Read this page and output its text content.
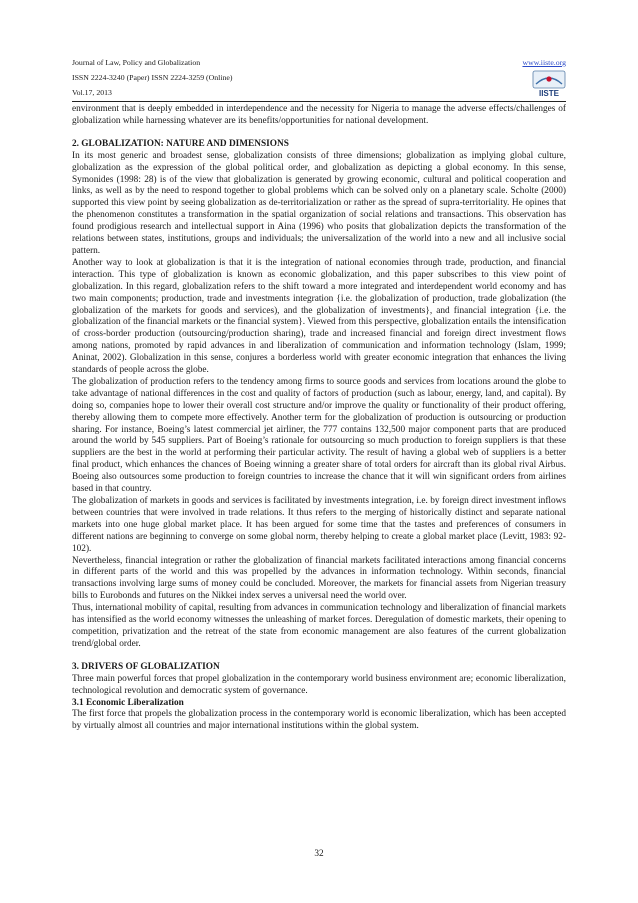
Journal of Law, Policy and Globalization	www.iiste.org
ISSN 2224-3240 (Paper) ISSN 2224-3259 (Online)
Vol.17, 2013	IISTE

environment that is deeply embedded in interdependence and the necessity for Nigeria to manage the adverse effects/challenges of globalization while harnessing whatever are its benefits/opportunities for national development.

2. GLOBALIZATION: NATURE AND DIMENSIONS

In its most generic and broadest sense, globalization consists of three dimensions; globalization as implying global culture, globalization as the expression of the global political order, and globalization as depicting a global economy. In this sense, Symonides (1998: 28) is of the view that globalization is generated by growing economic, cultural and political cooperation and links, as well as by the need to respond together to global problems which can be solved only on a planetary scale. Scholte (2000) supported this view point by seeing globalization as de-territorialization or rather as the spread of supra-territoriality. He opines that the phenomenon constitutes a transformation in the spatial organization of social relations and transactions. This observation has found prodigious research and intellectual support in Aina (1996) who posits that globalization depicts the transformation of the relations between states, institutions, groups and individuals; the universalization of the world into a new and all inclusive social pattern.

Another way to look at globalization is that it is the integration of national economies through trade, production, and financial interaction. This type of globalization is known as economic globalization, and this paper subscribes to this view point of globalization. In this regard, globalization refers to the shift toward a more integrated and interdependent world economy and has two main components; production, trade and investments integration {i.e. the globalization of production, trade globalization (the globalization of the markets for goods and services), and the globalization of investments}, and financial integration {i.e. the globalization of the financial markets or the financial system}. Viewed from this perspective, globalization entails the intensification of cross-border production (outsourcing/production sharing), trade and increased financial and foreign direct investment flows among nations, promoted by rapid advances in and liberalization of communication and information technology (Islam, 1999; Aninat, 2002). Globalization in this sense, conjures a borderless world with greater economic integration that enhances the living standards of people across the globe.

The globalization of production refers to the tendency among firms to source goods and services from locations around the globe to take advantage of national differences in the cost and quality of factors of production (such as labour, energy, land, and capital). By doing so, companies hope to lower their overall cost structure and/or improve the quality or functionality of their product offering, thereby allowing them to compete more effectively. Another term for the globalization of production is outsourcing or production sharing. For instance, Boeing’s latest commercial jet airliner, the 777 contains 132,500 major component parts that are produced around the world by 545 suppliers. Part of Boeing’s rationale for outsourcing so much production to foreign suppliers is that these suppliers are the best in the world at performing their particular activity. The result of having a global web of suppliers is a better final product, which enhances the chances of Boeing winning a greater share of total orders for aircraft than its global rival Airbus. Boeing also outsources some production to foreign countries to increase the chance that it will win significant orders from airlines based in that country.

The globalization of markets in goods and services is facilitated by investments integration, i.e. by foreign direct investment inflows between countries that were involved in trade relations. It thus refers to the merging of historically distinct and separate national markets into one huge global market place. It has been argued for some time that the tastes and preferences of consumers in different nations are beginning to converge on some global norm, thereby helping to create a global market place (Levitt, 1983: 92- 102).

Nevertheless, financial integration or rather the globalization of financial markets facilitated interactions among financial concerns in different parts of the world and this was propelled by the advances in information technology. Within seconds, financial transactions involving large sums of money could be concluded. Moreover, the markets for financial assets from Nigerian treasury bills to Eurobonds and futures on the Nikkei index serves a universal need the world over.

Thus, international mobility of capital, resulting from advances in communication technology and liberalization of financial markets has intensified as the world economy witnesses the unleashing of market forces. Deregulation of domestic markets, their opening to competition, privatization and the retreat of the state from economic management are also features of the current globalization trend/global order.

3. DRIVERS OF GLOBALIZATION

Three main powerful forces that propel globalization in the contemporary world business environment are; economic liberalization, technological revolution and democratic system of governance.

3.1 Economic Liberalization

The first force that propels the globalization process in the contemporary world is economic liberalization, which has been accepted by virtually almost all countries and major international institutions within the global system.

32
